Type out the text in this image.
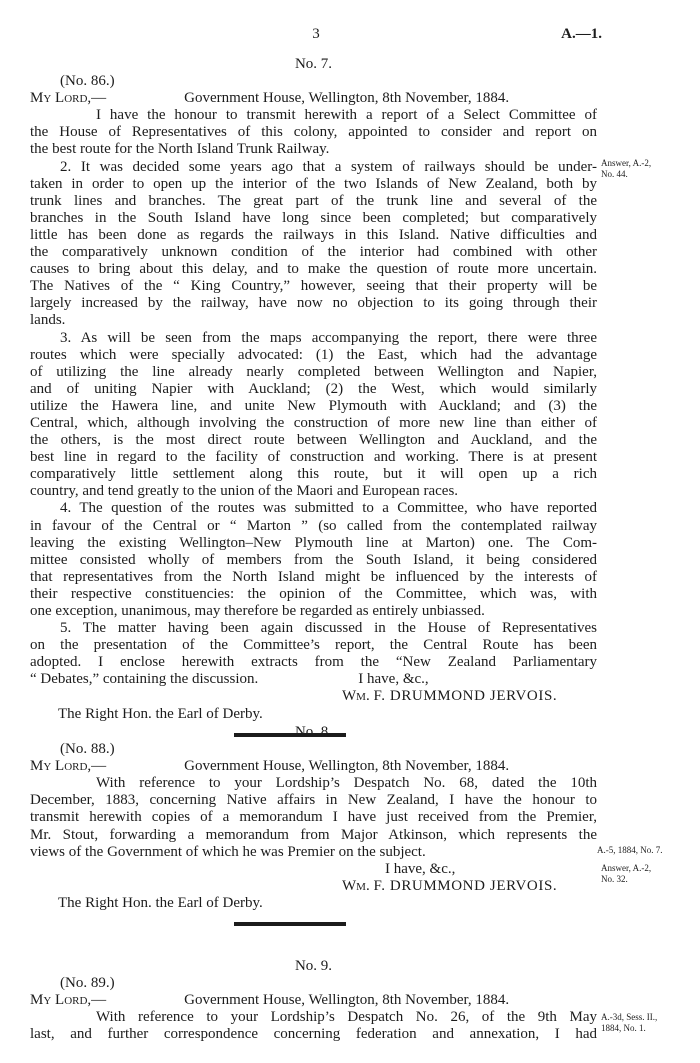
3	A.—1.
No. 7.
(No. 86.)
My Lord,—	Government House, Wellington, 8th November, 1884.
I have the honour to transmit herewith a report of a Select Committee of
the House of Representatives of this colony, appointed to consider and report on
the best route for the North Island Trunk Railway.
2. It was decided some years ago that a system of railways should be under-
taken in order to open up the interior of the two Islands of New Zealand, both by
trunk lines and branches. The great part of the trunk line and several of the
branches in the South Island have long since been completed; but comparatively
little has been done as regards the railways in this Island. Native difficulties and
the comparatively unknown condition of the interior had combined with other
causes to bring about this delay, and to make the question of route more uncertain.
The Natives of the “ King Country,” however, seeing that their property will be
largely increased by the railway, have now no objection to its going through their
lands.
3. As will be seen from the maps accompanying the report, there were three
routes which were specially advocated: (1) the East, which had the advantage
of utilizing the line already nearly completed between Wellington and Napier,
and of uniting Napier with Auckland; (2) the West, which would similarly
utilize the Hawera line, and unite New Plymouth with Auckland; and (3) the
Central, which, although involving the construction of more new line than either of
the others, is the most direct route between Wellington and Auckland, and the
best line in regard to the facility of construction and working. There is at present
comparatively little settlement along this route, but it will open up a rich
country, and tend greatly to the union of the Maori and European races.
4. The question of the routes was submitted to a Committee, who have reported
in favour of the Central or “ Marton ” (so called from the contemplated railway
leaving the existing Wellington–New Plymouth line at Marton) one. The Com-
mittee consisted wholly of members from the South Island, it being considered
that representatives from the North Island might be influenced by the interests of
their respective constituencies: the opinion of the Committee, which was, with
one exception, unanimous, may therefore be regarded as entirely unbiassed.
5. The matter having been again discussed in the House of Representatives
on the presentation of the Committee’s report, the Central Route has been
adopted. I enclose herewith extracts from the “New Zealand Parliamentary
“ Debates,” containing the discussion.	I have, &c.,
Wm. F. DRUMMOND JERVOIS.
The Right Hon. the Earl of Derby.
Answer, A.-2,
No. 44.
No. 8.
(No. 88.)
My Lord,—	Government House, Wellington, 8th November, 1884.
With reference to your Lordship’s Despatch No. 68, dated the 10th
December, 1883, concerning Native affairs in New Zealand, I have the honour to
transmit herewith copies of a memorandum I have just received from the Premier,
Mr. Stout, forwarding a memorandum from Major Atkinson, which represents the
views of the Government of which he was Premier on the subject.
I have, &c.,
Wm. F. DRUMMOND JERVOIS.
The Right Hon. the Earl of Derby.
A.-5, 1884, No. 7.
Answer, A.-2,
No. 32.
No. 9.
(No. 89.)
My Lord,—	Government House, Wellington, 8th November, 1884.
With reference to your Lordship’s Despatch No. 26, of the 9th May
last, and further correspondence concerning federation and annexation, I had
A.-3d, Sess. II.,
1884, No. 1.
